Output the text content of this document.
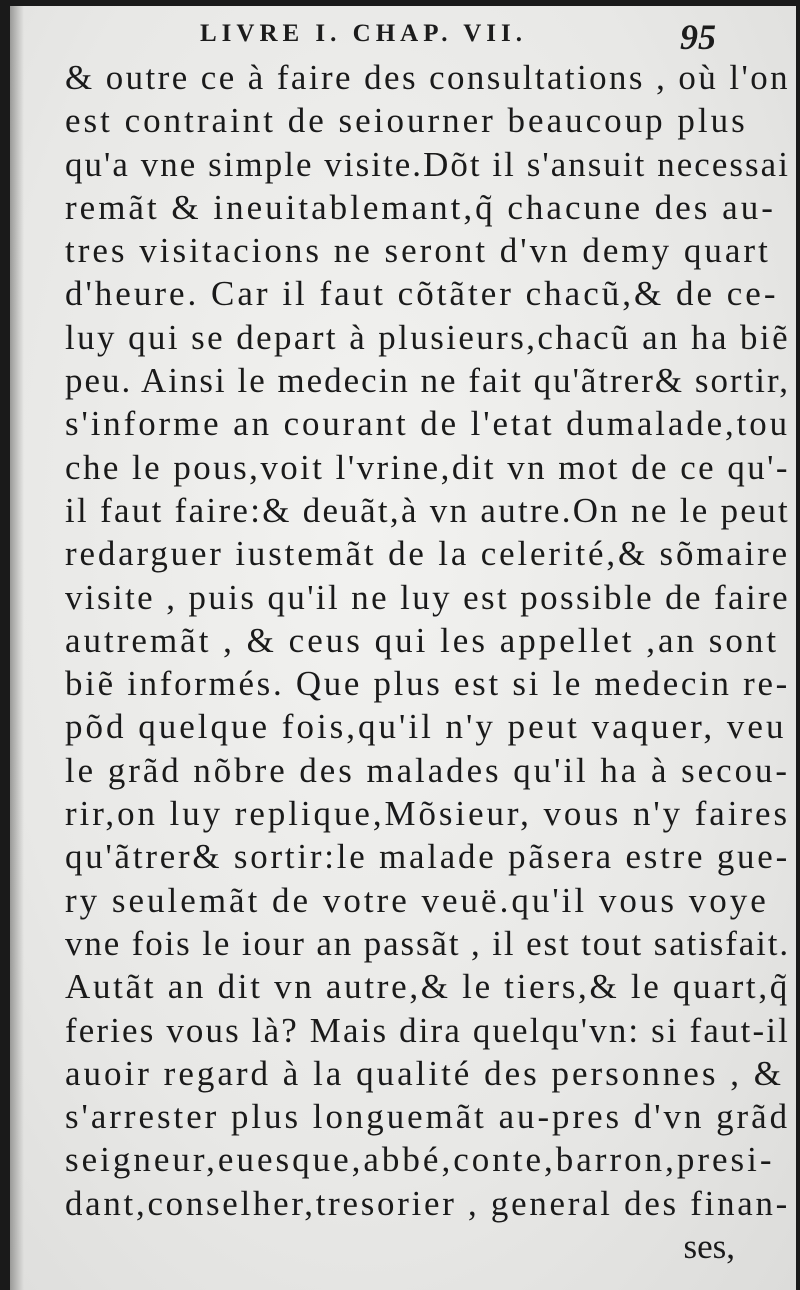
LIVRE I. CHAP. VII.	95
& outre ce à faire des consultations , où l'on
est contraint de seiourner beaucoup plus
qu'a vne simple visite.Dõt il s'ansuit necessai
remãt & ineuitablemant,q̃ chacune des au-
tres visitacions ne seront d'vn demy quart
d'heure. Car il faut cõtãter chacũ,& de ce-
luy qui se depart à plusieurs,chacũ an ha biẽ
peu. Ainsi le medecin ne fait qu'ãtrer& sortir,
s'informe an courant de l'etat dumalade,tou
che le pous,voit l'vrine,dit vn mot de ce qu'-
il faut faire:& deuãt,à vn autre.On ne le peut
redarguer iustemãt de la celerité,& sõmaire
visite , puis qu'il ne luy est possible de faire
autremãt , & ceus qui les appellet ,an sont
biẽ informés. Que plus est si le medecin re-
põd quelque fois,qu'il n'y peut vaquer, veu
le grãd nõbre des malades qu'il ha à secou-
rir,on luy replique,Mõsieur, vous n'y faires
qu'ãtrer& sortir:le malade pãsera estre gue-
ry seulemãt de votre veuë.qu'il vous voye
vne fois le iour an passãt , il est tout satisfait.
Autãt an dit vn autre,& le tiers,& le quart,q̃
feries vous là? Mais dira quelqu'vn: si faut-il
auoir regard à la qualité des personnes , &
s'arrester plus longuemãt au-pres d'vn grãd
seigneur,euesque,abbé,conte,barron,presi-
dant,conselher,tresorier , general des finan-
ses,
